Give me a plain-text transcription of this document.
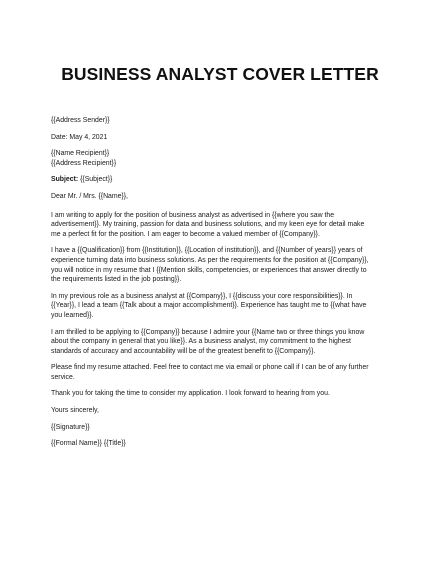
BUSINESS ANALYST COVER LETTER

{{Address Sender}}

Date: May 4, 2021

{{Name Recipient}}

{{Address Recipient}}

Subject: {{Subject}}

Dear Mr. / Mrs. {{Name}},

I am writing to apply for the position of business analyst as advertised in {{where you saw the
advertisement}}. My training, passion for data and business solutions, and my keen eye for detail make
me a perfect fit for the position. I am eager to become a valued member of {{Company}}.
I have a {{Qualification}} from {{Institution}}, {{Location of institution}}, and {{Number of years}} years of
experience turning data into business solutions. As per the requirements for the position at {{Company}},
you will notice in my resume that I {{Mention skills, competencies, or experiences that answer directly to
the requirements listed in the job posting}}.
In my previous role as a business analyst at {{Company}}, I {{discuss your core responsibilities}}. In
{{Year}}, I lead a team {{Talk about a major accomplishment}}. Experience has taught me to {{what have
you learned}}.
I am thrilled to be applying to {{Company}} because I admire your {{Name two or three things you know
about the company in general that you like}}. As a business analyst, my commitment to the highest
standards of accuracy and accountability will be of the greatest benefit to {{Company}}.
Please find my resume attached. Feel free to contact me via email or phone call if I can be of any further
service.
Thank you for taking the time to consider my application. I look forward to hearing from you.

Yours sincerely,

{{Signature}}

{{Formal Name}} {{Title}}
